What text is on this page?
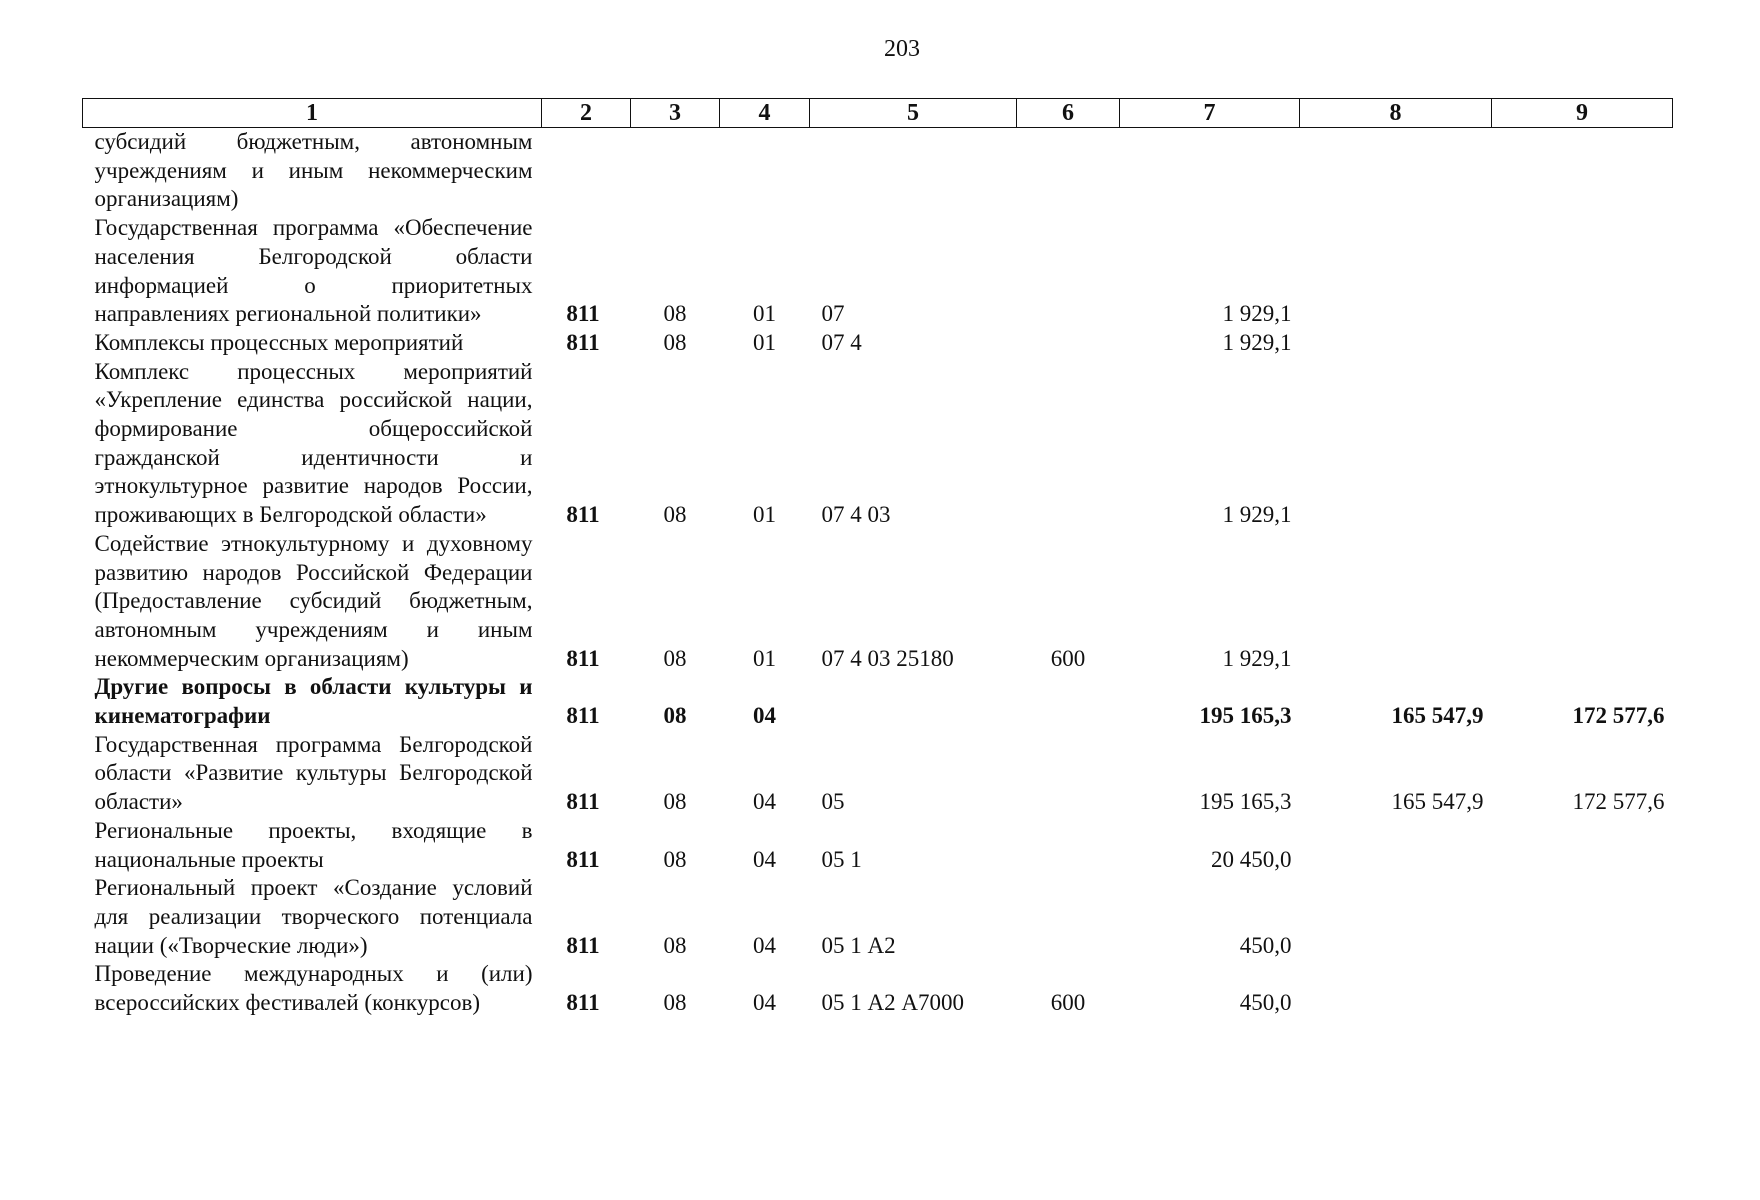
203
1	2	3	4	5	6	7	8	9
субсидий бюджетным, автономным учреждениям и иным некоммерческим организациям)								
Государственная программа «Обеспечение населения Белгородской области информацией о приоритетных направлениях региональной политики»	811	08	01	07		1 929,1		
Комплексы процессных мероприятий	811	08	01	07 4		1 929,1		
Комплекс процессных мероприятий «Укрепление единства российской нации, формирование общероссийской гражданской идентичности и этнокультурное развитие народов России, проживающих в Белгородской области»	811	08	01	07 4 03		1 929,1		
Содействие этнокультурному и духовному развитию народов Российской Федерации (Предоставление субсидий бюджетным, автономным учреждениям и иным некоммерческим организациям)	811	08	01	07 4 03 25180	600	1 929,1		
Другие вопросы в области культуры и кинематографии	811	08	04			195 165,3	165 547,9	172 577,6
Государственная программа Белгородской области «Развитие культуры Белгородской области»	811	08	04	05		195 165,3	165 547,9	172 577,6
Региональные проекты, входящие в национальные проекты	811	08	04	05 1		20 450,0		
Региональный проект «Создание условий для реализации творческого потенциала нации («Творческие люди»)	811	08	04	05 1 А2		450,0		
Проведение международных и (или) всероссийских фестивалей (конкурсов)	811	08	04	05 1 А2 А7000	600	450,0		
